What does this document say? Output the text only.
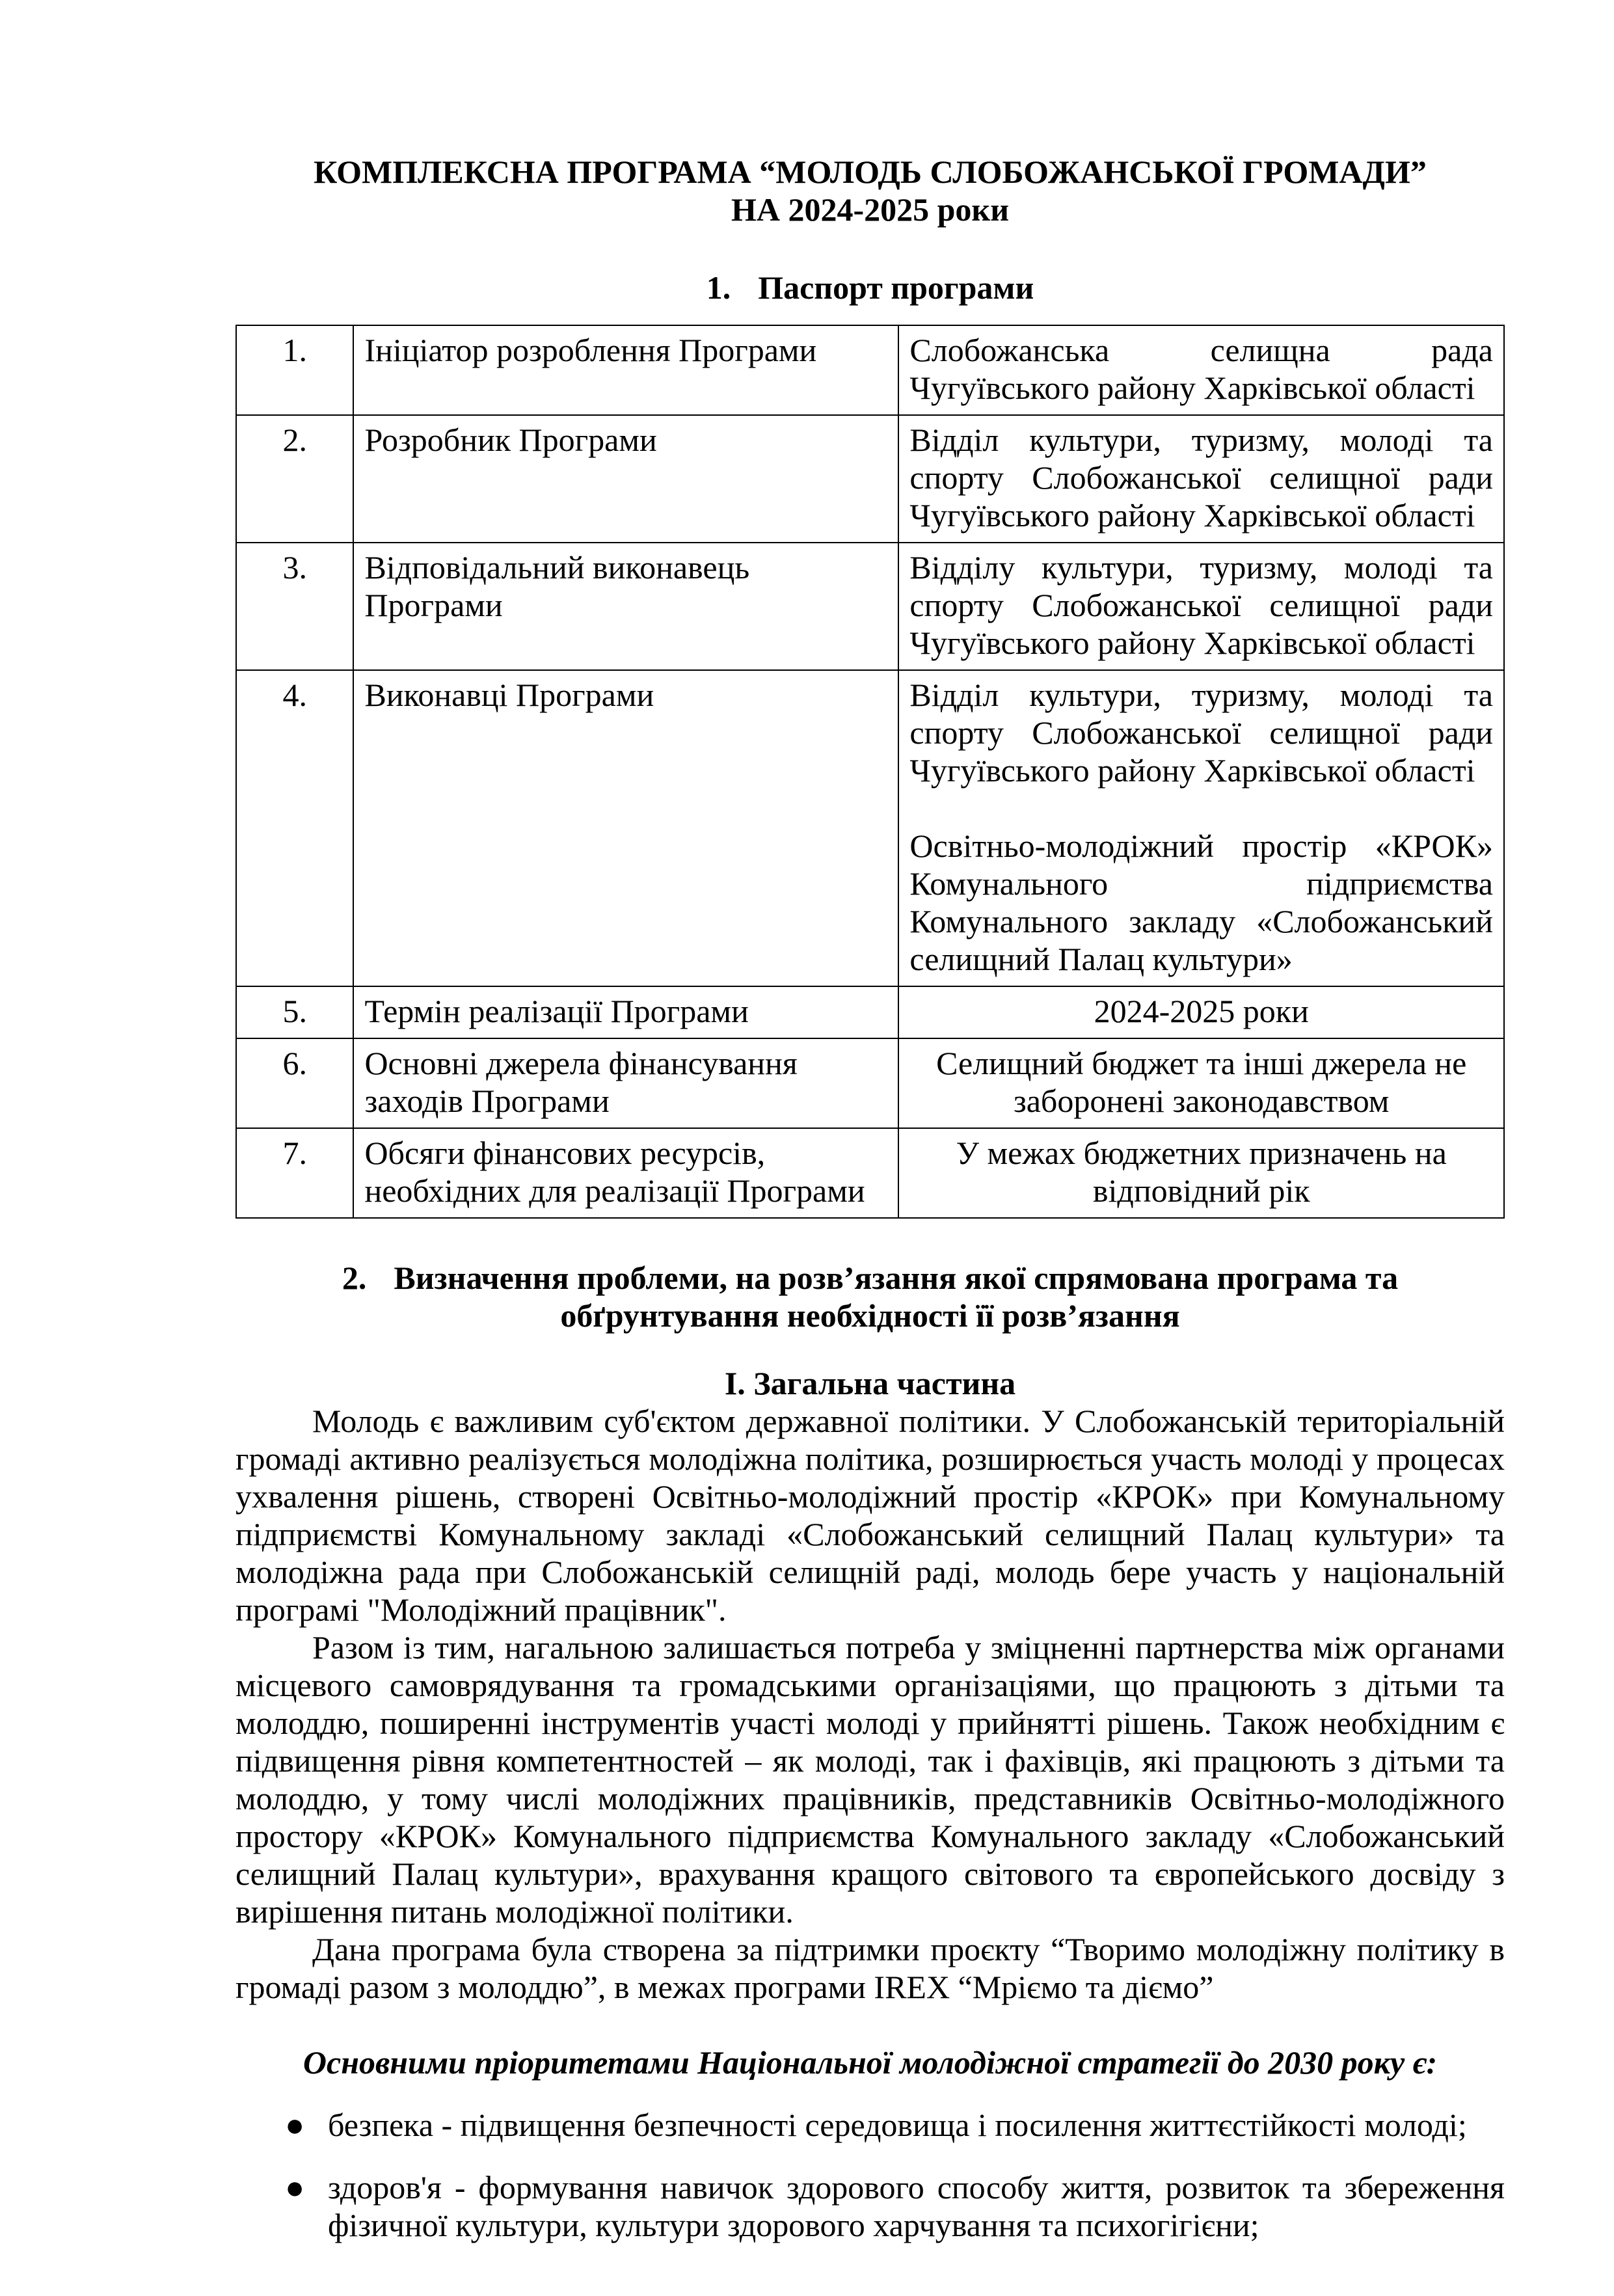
КОМПЛЕКСНА ПРОГРАМА “МОЛОДЬ СЛОБОЖАНСЬКОЇ ГРОМАДИ”
НА 2024-2025 роки
1. Паспорт програми
1.	Ініціатор розроблення Програми	Слобожанська селищна рада Чугуївського району Харківської області
2.	Розробник Програми	Відділ культури, туризму, молоді та спорту Слобожанської селищної ради Чугуївського району Харківської області
3.	Відповідальний виконавець Програми	Відділу культури, туризму, молоді та спорту Слобожанської селищної ради Чугуївського району Харківської області
4.	Виконавці Програми	Відділ культури, туризму, молоді та спорту Слобожанської селищної ради Чугуївського району Харківської області
Освітньо-молодіжний простір «КРОК» Комунального підприємства Комунального закладу «Слобожанський селищний Палац культури»

5.	Термін реалізації Програми	2024-2025 роки
6.	Основні джерела фінансування заходів Програми	Селищний бюджет та інші джерела не заборонені законодавством
7.	Обсяги фінансових ресурсів, необхідних для реалізації Програми	У межах бюджетних призначень на відповідний рік
2. Визначення проблеми, на розв’язання якої спрямована програма та обґрунтування необхідності її розв’язання
І. Загальна частина

Молодь є важливим суб'єктом державної політики. У Слобожанській територіальній громаді активно реалізується молодіжна політика, розширюється участь молоді у процесах ухвалення рішень, створені Освітньо-молодіжний простір «КРОК» при Комунальному підприємстві Комунальному закладі «Слобожанський селищний Палац культури» та молодіжна рада при Слобожанській селищній раді, молодь бере участь у національній програмі "Молодіжний працівник".

Разом із тим, нагальною залишається потреба у зміцненні партнерства між органами місцевого самоврядування та громадськими організаціями, що працюють з дітьми та молоддю, поширенні інструментів участі молоді у прийнятті рішень. Також необхідним є підвищення рівня компетентностей – як молоді, так і фахівців, які працюють з дітьми та молоддю, у тому числі молодіжних працівників, представників Освітньо-молодіжного простору «КРОК» Комунального підприємства Комунального закладу «Слобожанський селищний Палац культури», врахування кращого світового та європейського досвіду з вирішення питань молодіжної політики.

Дана програма була створена за підтримки проєкту “Творимо молодіжну політику в громаді разом з молоддю”, в межах програми IREX “Мріємо та діємо”

Основними пріоритетами Національної молодіжної стратегії до 2030 року є:
● безпека - підвищення безпечності середовища і посилення життєстійкості молоді;
● здоров'я - формування навичок здорового способу життя, розвиток та збереження фізичної культури, культури здорового харчування та психогігієни;
